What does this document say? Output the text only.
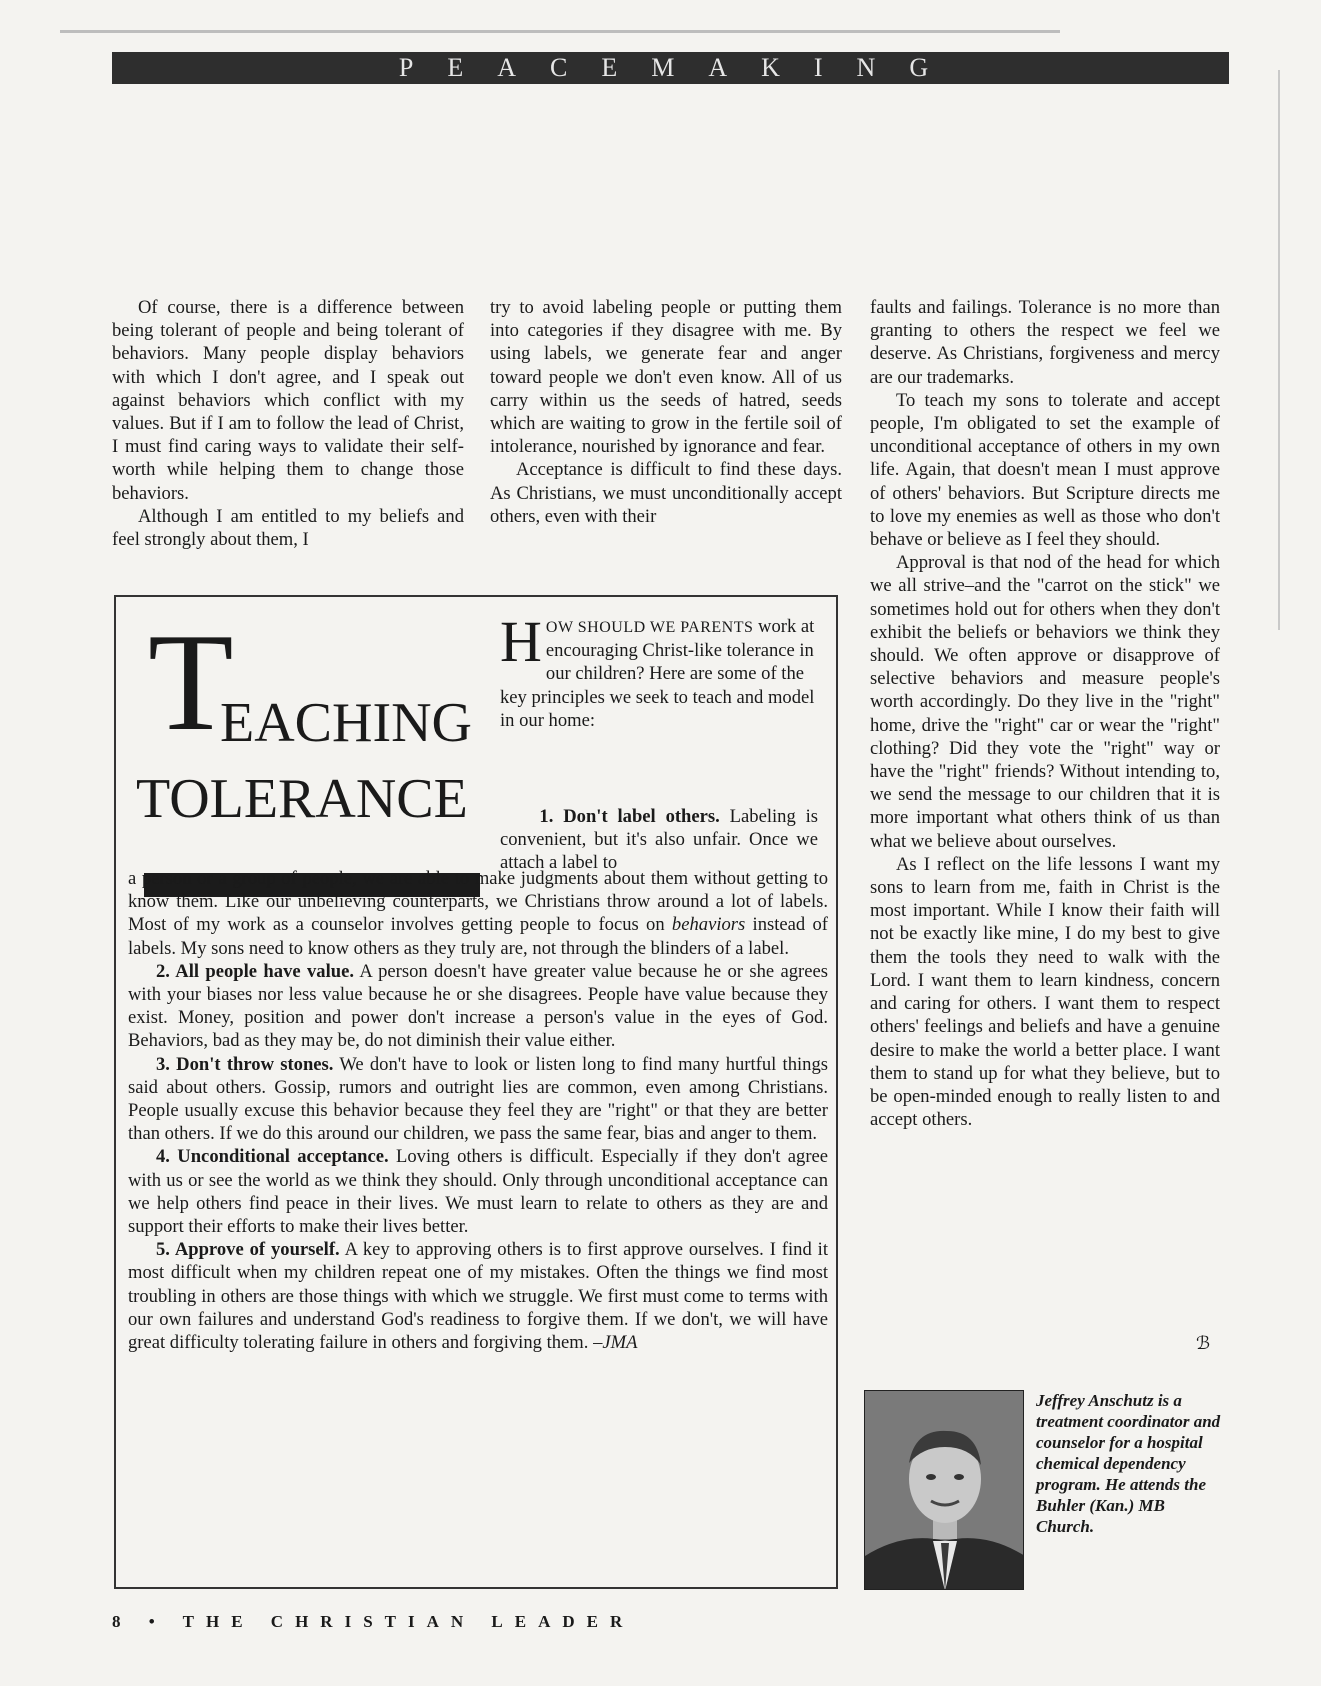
PEACEMAKING

Of course, there is a difference between being tolerant of people and being tolerant of behaviors. Many people display behaviors with which I don't agree, and I speak out against behaviors which conflict with my values. But if I am to follow the lead of Christ, I must find caring ways to validate their self-worth while helping them to change those behaviors.

Although I am entitled to my beliefs and feel strongly about them, I

try to avoid labeling people or putting them into categories if they disagree with me. By using labels, we generate fear and anger toward people we don't even know. All of us carry within us the seeds of hatred, seeds which are waiting to grow in the fertile soil of intolerance, nourished by ignorance and fear.

Acceptance is difficult to find these days. As Christians, we must unconditionally accept others, even with their

faults and failings. Tolerance is no more than granting to others the respect we feel we deserve. As Christians, forgiveness and mercy are our trademarks.

To teach my sons to tolerate and accept people, I'm obligated to set the example of unconditional acceptance of others in my own life. Again, that doesn't mean I must approve of others' behaviors. But Scripture directs me to love my enemies as well as those who don't behave or believe as I feel they should.

Approval is that nod of the head for which we all strive–and the "carrot on the stick" we sometimes hold out for others when they don't exhibit the beliefs or behaviors we think they should. We often approve or disapprove of selective behaviors and measure people's worth accordingly. Do they live in the "right" home, drive the "right" car or wear the "right" clothing? Did they vote the "right" way or have the "right" friends? Without intending to, we send the message to our children that it is more important what others think of us than what we believe about ourselves.

As I reflect on the life lessons I want my sons to learn from me, faith in Christ is the most important. While I know their faith will not be exactly like mine, I do my best to give them the tools they need to walk with the Lord. I want them to learn kindness, concern and caring for others. I want them to respect others' feelings and beliefs and have a genuine desire to make the world a better place. I want them to stand up for what they believe, but to be open-minded enough to really listen to and accept others.

ℬ
T
EACHING
TOLERANCE
HOW SHOULD WE PARENTS work at encouraging Christ-like tolerance in our children? Here are some of the key principles we seek to teach and model in our home:
1. Don't label others. Labeling is convenient, but it's also unfair. Once we attach a label to

a person or a group of people, we are able to make judgments about them without getting to know them. Like our unbelieving counterparts, we Christians throw around a lot of labels. Most of my work as a counselor involves getting people to focus on behaviors instead of labels. My sons need to know others as they truly are, not through the blinders of a label.

2. All people have value. A person doesn't have greater value because he or she agrees with your biases nor less value because he or she disagrees. People have value because they exist. Money, position and power don't increase a person's value in the eyes of God. Behaviors, bad as they may be, do not diminish their value either.

3. Don't throw stones. We don't have to look or listen long to find many hurtful things said about others. Gossip, rumors and outright lies are common, even among Christians. People usually excuse this behavior because they feel they are "right" or that they are better than others. If we do this around our children, we pass the same fear, bias and anger to them.

4. Unconditional acceptance. Loving others is difficult. Especially if they don't agree with us or see the world as we think they should. Only through unconditional acceptance can we help others find peace in their lives. We must learn to relate to others as they are and support their efforts to make their lives better.

5. Approve of yourself. A key to approving others is to first approve ourselves. I find it most difficult when my children repeat one of my mistakes. Often the things we find most troubling in others are those things with which we struggle. We first must come to terms with our own failures and understand God's readiness to forgive them. If we don't, we will have great difficulty tolerating failure in others and forgiving them. –JMA

Jeffrey Anschutz is a treatment coordinator and counselor for a hospital chemical dependency program. He attends the Buhler (Kan.) MB Church.
8 • THE CHRISTIAN LEADER
